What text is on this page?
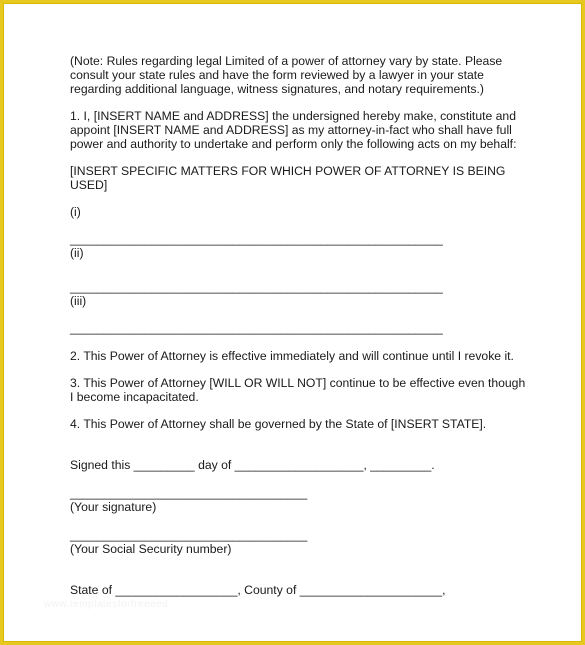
(Note: Rules regarding legal Limited of a power of attorney vary by state. Please
consult your state rules and have the form reviewed by a lawyer in your state
regarding additional language, witness signatures, and notary requirements.)

1. I, [INSERT NAME and ADDRESS] the undersigned hereby make, constitute and
appoint [INSERT NAME and ADDRESS] as my attorney-in-fact who shall have full
power and authority to undertake and perform only the following acts on my behalf:

[INSERT SPECIFIC MATTERS FOR WHICH POWER OF ATTORNEY IS BEING
USED]

(i)

_______________________________________________________

(ii)

_______________________________________________________

(iii)

_______________________________________________________

2. This Power of Attorney is effective immediately and will continue until I revoke it.

3. This Power of Attorney [WILL OR WILL NOT] continue to be effective even though
I become incapacitated.

4. This Power of Attorney shall be governed by the State of [INSERT STATE].

Signed this _________ day of ___________________, _________.

___________________________________

(Your signature)

___________________________________

(Your Social Security number)

State of __________________, County of _____________________,

www.templatesforfreeeed
